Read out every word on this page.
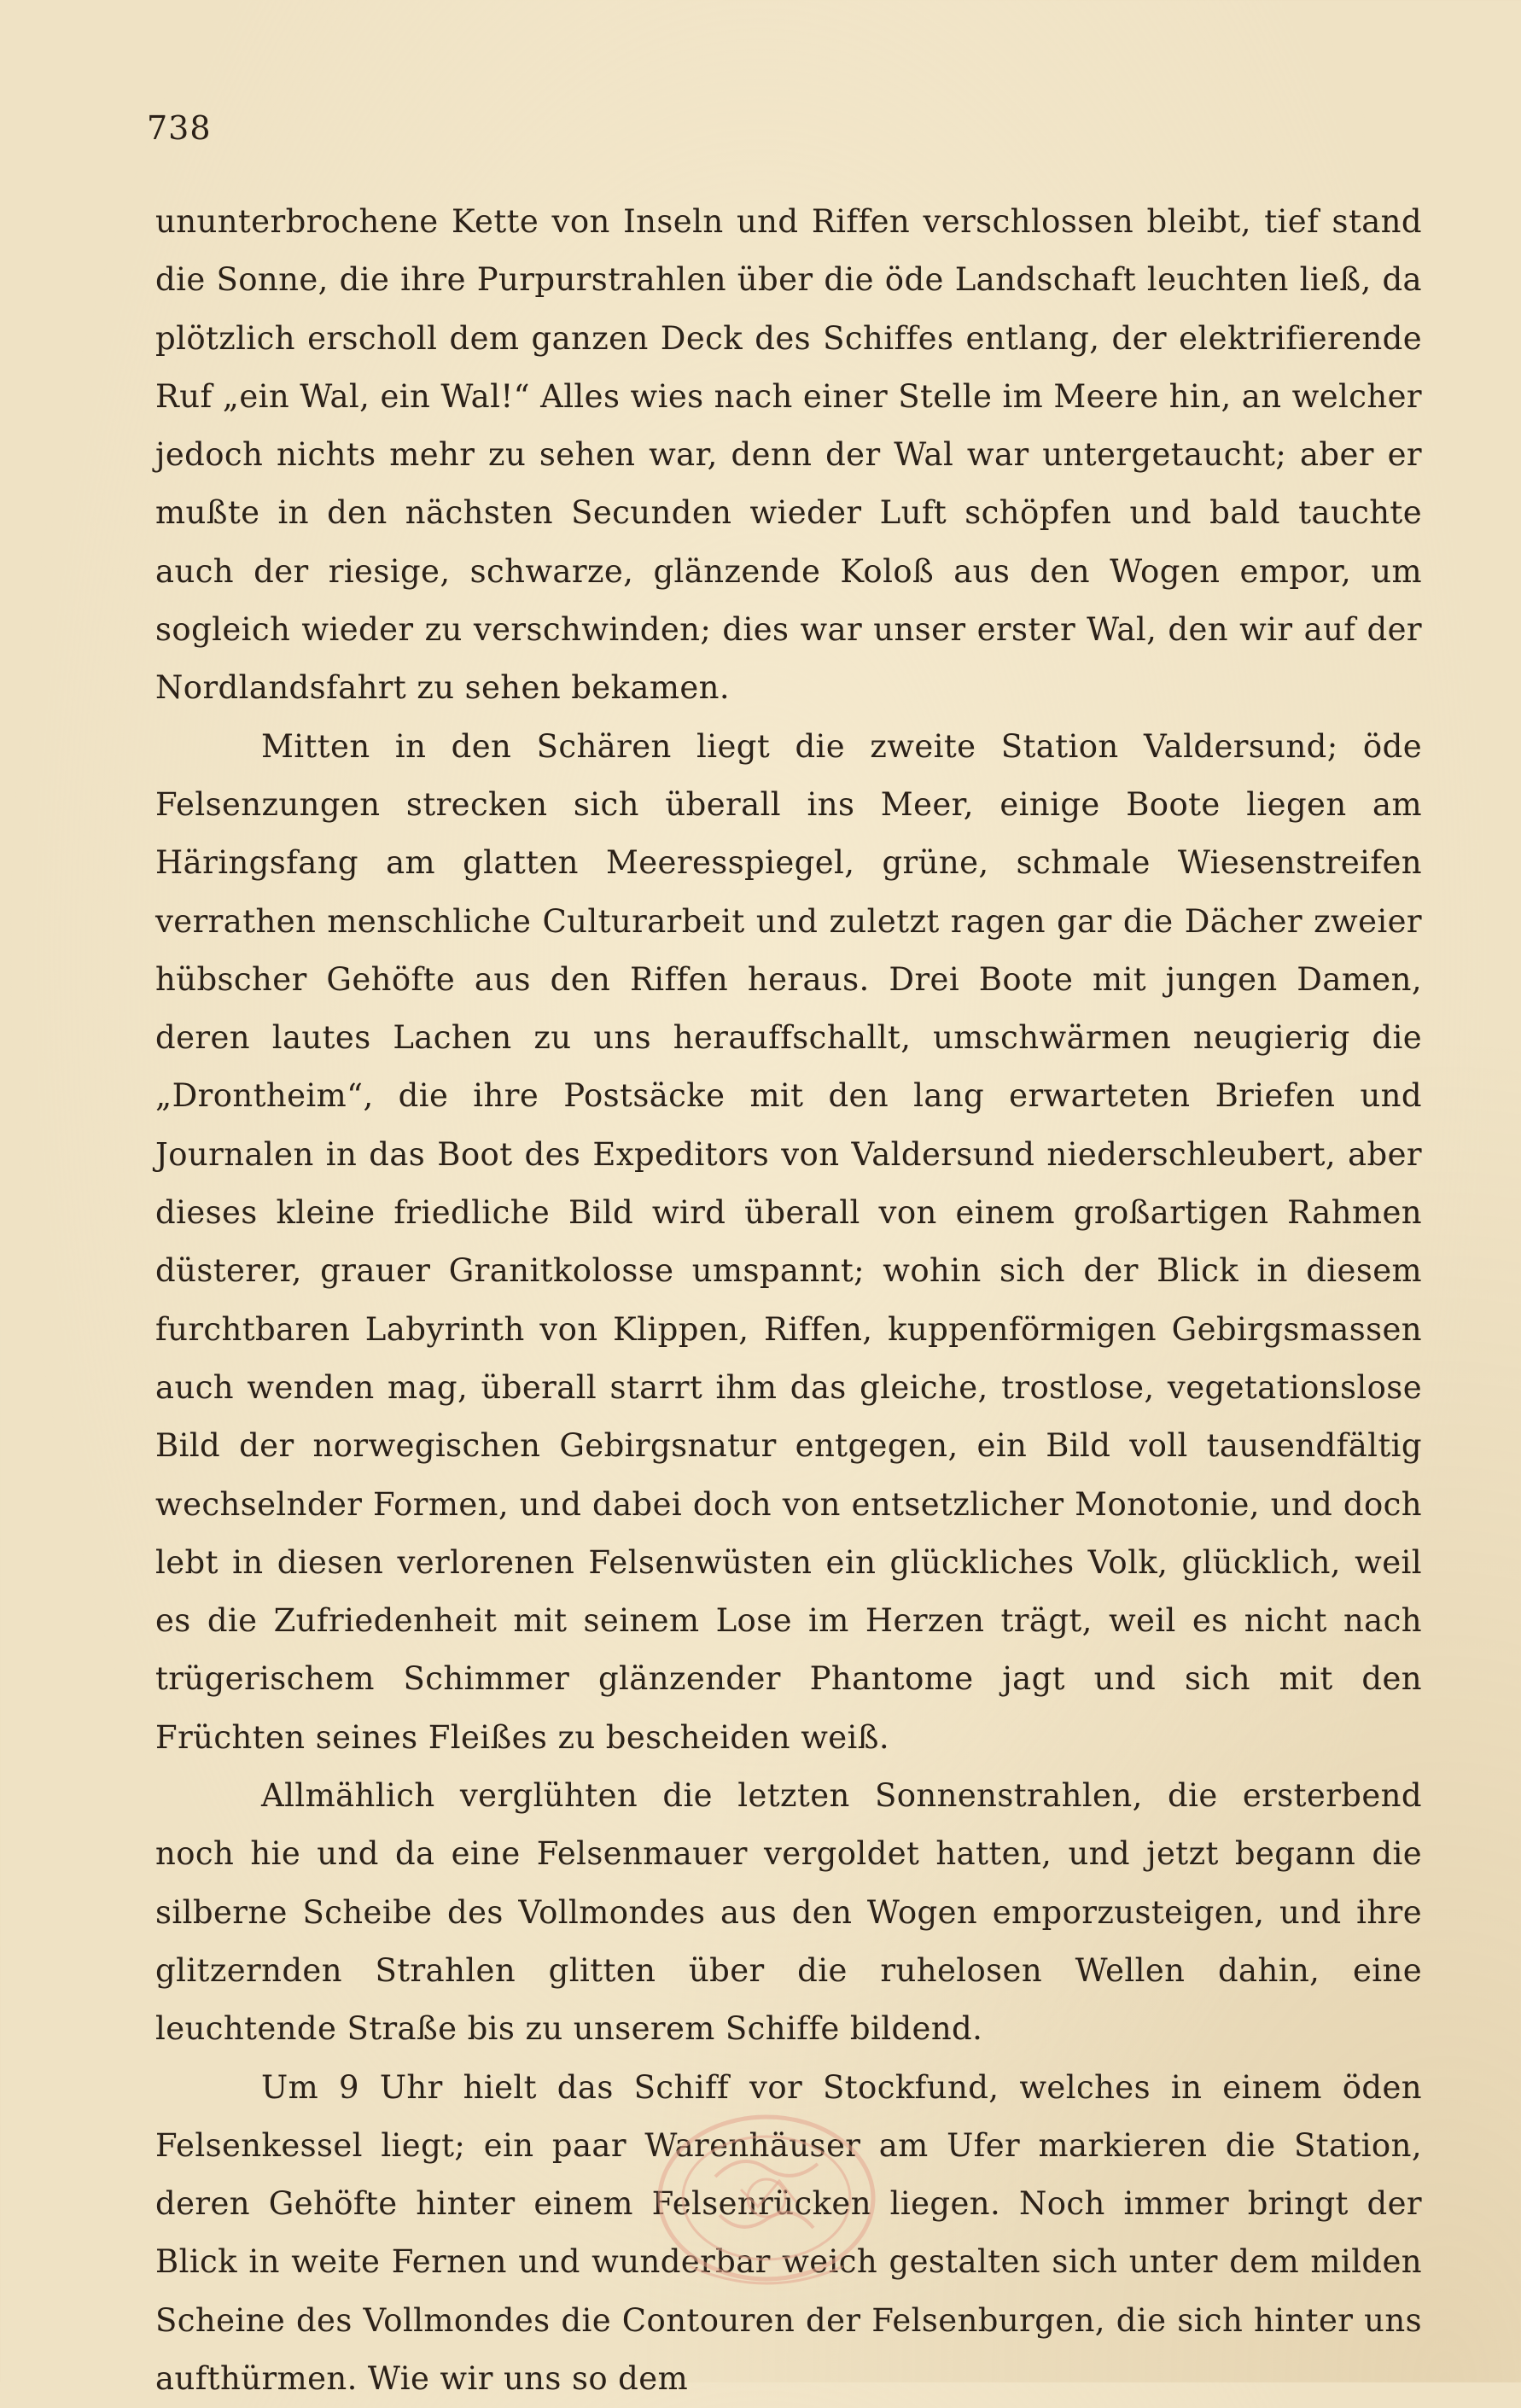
738

ununterbrochene Kette von Inseln und Riffen verschlossen bleibt, tief stand die Sonne, die ihre Purpurstrahlen über die öde Landschaft leuchten ließ, da plötzlich erscholl dem ganzen Deck des Schiffes entlang, der elektrifierende Ruf „ein Wal, ein Wal!“ Alles wies nach einer Stelle im Meere hin, an welcher jedoch nichts mehr zu sehen war, denn der Wal war untergetaucht; aber er mußte in den nächsten Secunden wieder Luft schöpfen und bald tauchte auch der riesige, schwarze, glänzende Koloß aus den Wogen empor, um sogleich wieder zu verschwinden; dies war unser erster Wal, den wir auf der Nordlandsfahrt zu sehen bekamen.

Mitten in den Schären liegt die zweite Station Valdersund; öde Felsenzungen strecken sich überall ins Meer, einige Boote liegen am Häringsfang am glatten Meeresspiegel, grüne, schmale Wiesenstreifen verrathen menschliche Culturarbeit und zuletzt ragen gar die Dächer zweier hübscher Gehöfte aus den Riffen heraus. Drei Boote mit jungen Damen, deren lautes Lachen zu uns herauffschallt, umschwärmen neugierig die „Drontheim“, die ihre Postsäcke mit den lang erwarteten Briefen und Journalen in das Boot des Expeditors von Valdersund niederschleubert, aber dieses kleine friedliche Bild wird überall von einem großartigen Rahmen düsterer, grauer Granitkolosse umspannt; wohin sich der Blick in diesem furchtbaren Labyrinth von Klippen, Riffen, kuppenförmigen Gebirgsmassen auch wenden mag, überall starrt ihm das gleiche, trostlose, vegetationslose Bild der norwegischen Gebirgsnatur entgegen, ein Bild voll tausendfältig wechselnder Formen, und dabei doch von entsetzlicher Monotonie, und doch lebt in diesen verlorenen Felsenwüsten ein glückliches Volk, glücklich, weil es die Zufriedenheit mit seinem Lose im Herzen trägt, weil es nicht nach trügerischem Schimmer glänzender Phantome jagt und sich mit den Früchten seines Fleißes zu bescheiden weiß.

Allmählich verglühten die letzten Sonnenstrahlen, die ersterbend noch hie und da eine Felsenmauer vergoldet hatten, und jetzt begann die silberne Scheibe des Vollmondes aus den Wogen emporzusteigen, und ihre glitzernden Strahlen glitten über die ruhelosen Wellen dahin, eine leuchtende Straße bis zu unserem Schiffe bildend.

Um 9 Uhr hielt das Schiff vor Stockfund, welches in einem öden Felsenkessel liegt; ein paar Warenhäuser am Ufer markieren die Station, deren Gehöfte hinter einem Felsenrücken liegen. Noch immer bringt der Blick in weite Fernen und wunderbar weich gestalten sich unter dem milden Scheine des Vollmondes die Contouren der Felsenburgen, die sich hinter uns aufthürmen. Wie wir uns so dem
